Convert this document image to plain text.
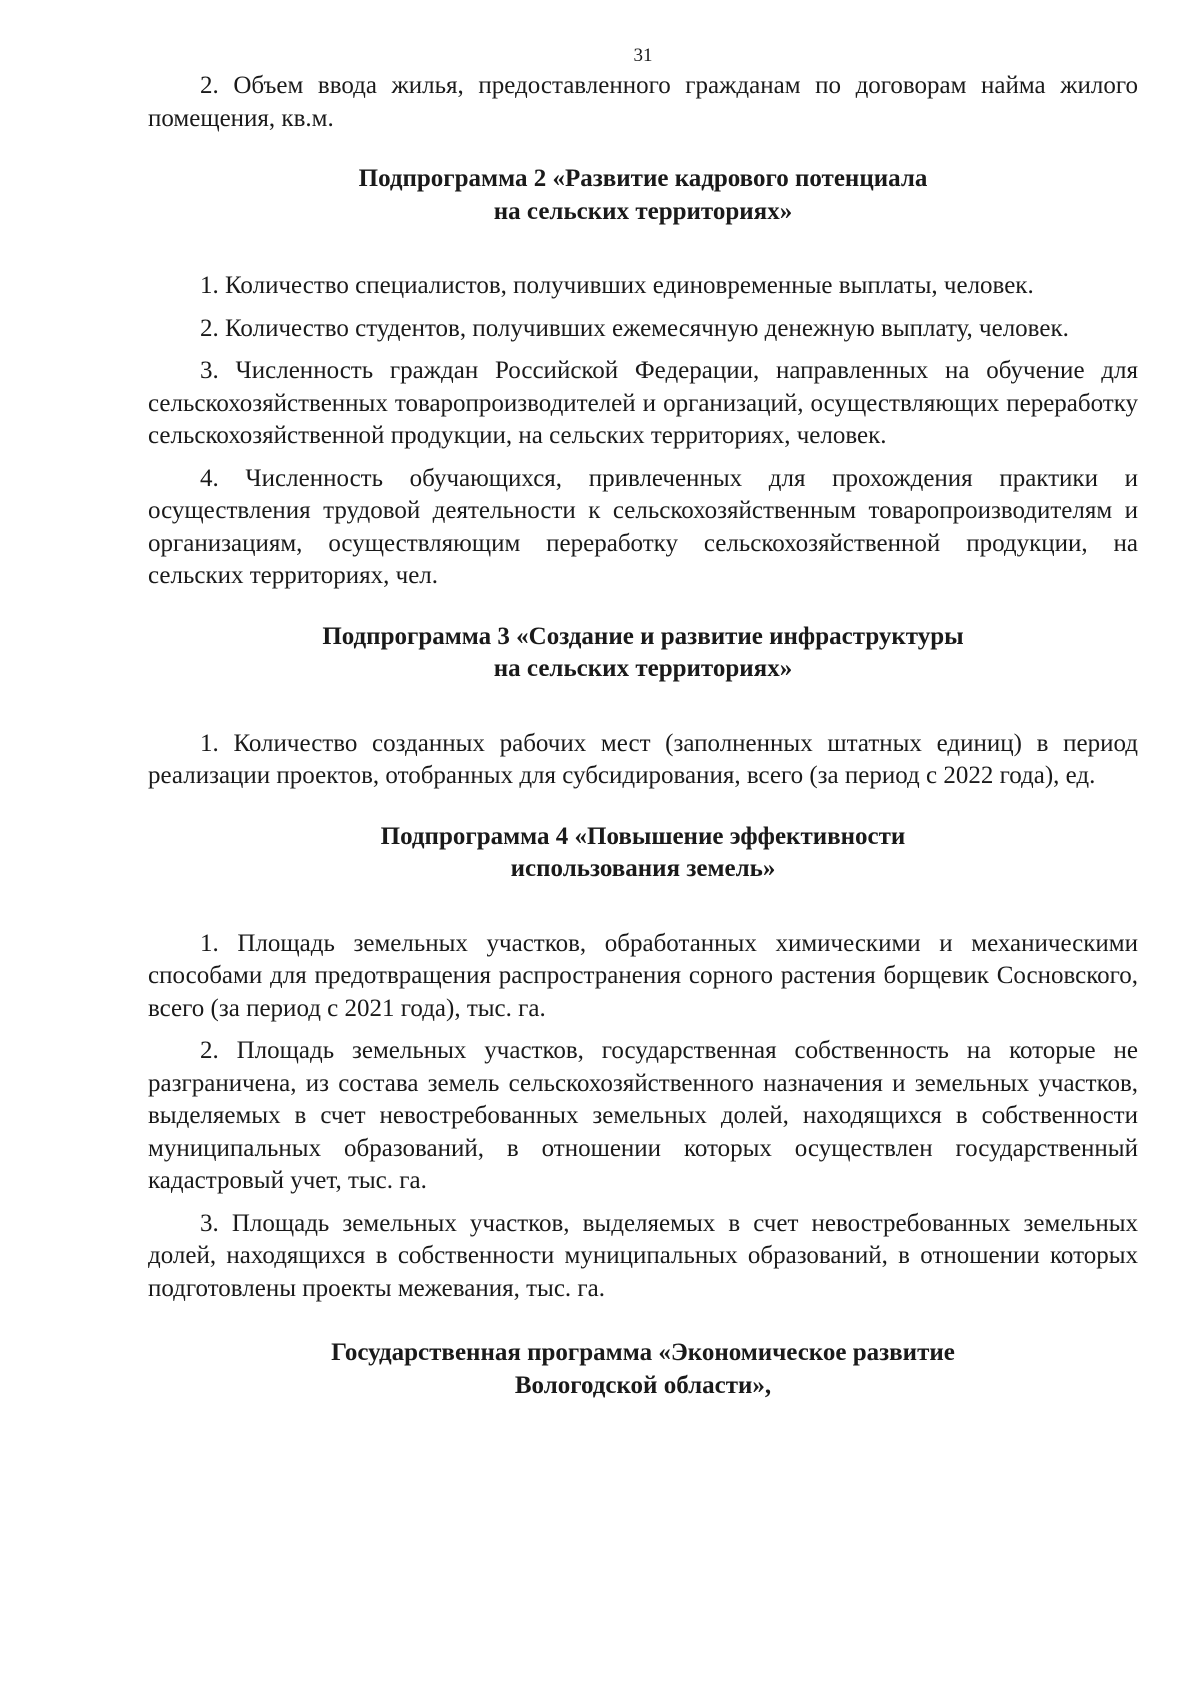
31

2. Объем ввода жилья, предоставленного гражданам по договорам найма жилого помещения, кв.м.

Подпрограмма 2 «Развитие кадрового потенциала
на сельских территориях»

1. Количество специалистов, получивших единовременные выплаты, человек.

2. Количество студентов, получивших ежемесячную денежную выплату, человек.

3. Численность граждан Российской Федерации, направленных на обучение для сельскохозяйственных товаропроизводителей и организаций, осуществляющих переработку сельскохозяйственной продукции, на сельских территориях, человек.

4. Численность обучающихся, привлеченных для прохождения практики и осуществления трудовой деятельности к сельскохозяйственным товаропроизводителям и организациям, осуществляющим переработку сельскохозяйственной продукции, на сельских территориях, чел.

Подпрограмма 3 «Создание и развитие инфраструктуры
на сельских территориях»

1. Количество созданных рабочих мест (заполненных штатных единиц) в период реализации проектов, отобранных для субсидирования, всего (за период с 2022 года), ед.

Подпрограмма 4 «Повышение эффективности
использования земель»

1. Площадь земельных участков, обработанных химическими и механическими способами для предотвращения распространения сорного растения борщевик Сосновского, всего (за период с 2021 года), тыс. га.

2. Площадь земельных участков, государственная собственность на которые не разграничена, из состава земель сельскохозяйственного назначения и земельных участков, выделяемых в счет невостребованных земельных долей, находящихся в собственности муниципальных образований, в отношении которых осуществлен государственный кадастровый учет, тыс. га.

3. Площадь земельных участков, выделяемых в счет невостребованных земельных долей, находящихся в собственности муниципальных образований, в отношении которых подготовлены проекты межевания, тыс. га.

Государственная программа «Экономическое развитие
Вологодской области»,
